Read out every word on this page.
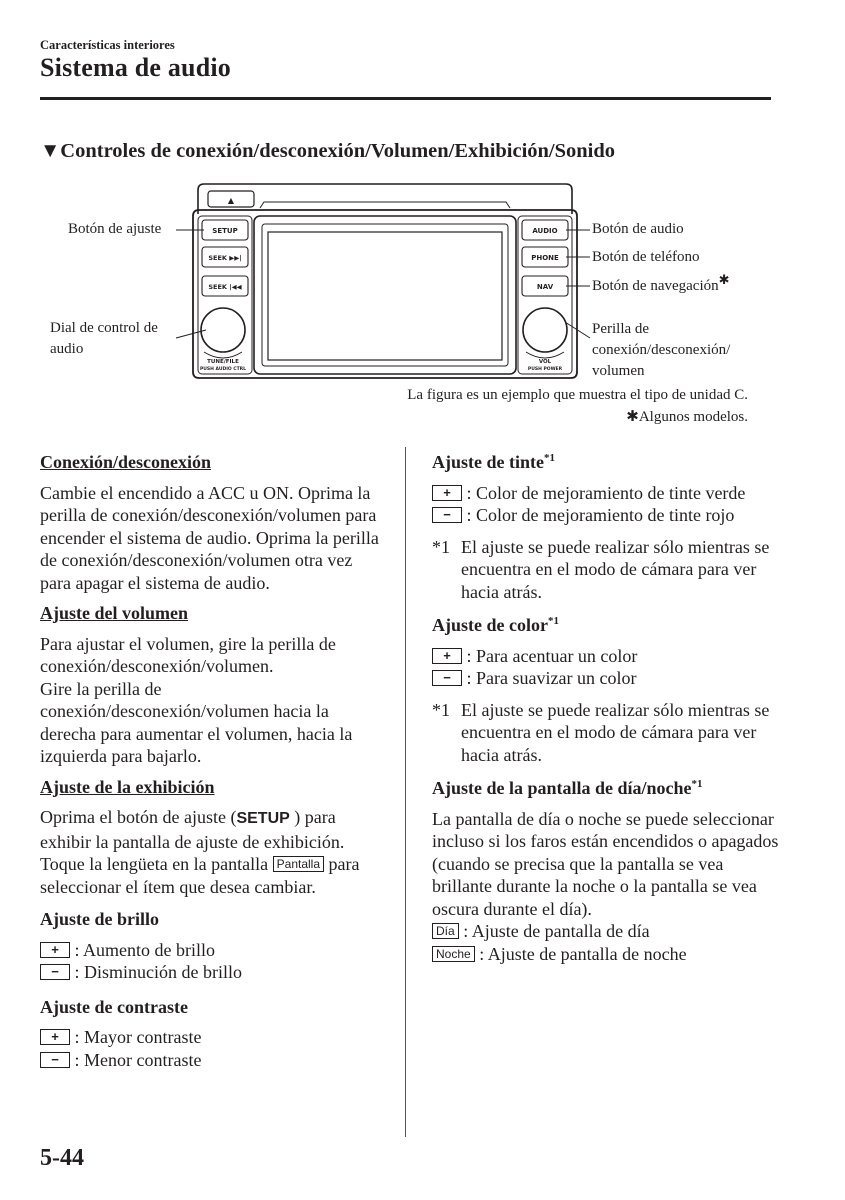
Características interiores
Sistema de audio
▼Controles de conexión/desconexión/Volumen/Exhibición/Sonido
▲
SETUP
SEEK ▶▶|
SEEK |◀◀
TUNE/FILE
PUSH AUDIO CTRL
AUDIO
PHONE
NAV
VOL
PUSH POWER
Botón de ajuste
Dial de control de
audio
Botón de audio
Botón de teléfono
Botón de navegación✱
Perilla de
conexión/desconexión/
volumen
La figura es un ejemplo que muestra el tipo de unidad C.
✱Algunos modelos.
Conexión/desconexión

Cambie el encendido a ACC u ON. Oprima la perilla de conexión/desconexión/volumen para encender el sistema de audio. Oprima la perilla de conexión/desconexión/volumen otra vez para apagar el sistema de audio.

Ajuste del volumen

Para ajustar el volumen, gire la perilla de conexión/desconexión/volumen.

Gire la perilla de conexión/desconexión/volumen hacia la derecha para aumentar el volumen, hacia la izquierda para bajarlo.

Ajuste de la exhibición

Oprima el botón de ajuste (SETUP ) para exhibir la pantalla de ajuste de exhibición. Toque la lengüeta en la pantalla Pantalla para seleccionar el ítem que desea cambiar.

Ajuste de brillo
+ : Aumento de brillo
− : Disminución de brillo
Ajuste de contraste
+ : Mayor contraste
− : Menor contraste
Ajuste de tinte$^{*1}$
+ : Color de mejoramiento de tinte verde
− : Color de mejoramiento de tinte rojo
*1 El ajuste se puede realizar sólo mientras se encuentra en el modo de cámara para ver hacia atrás.
Ajuste de color$^{*1}$
+ : Para acentuar un color
− : Para suavizar un color
*1 El ajuste se puede realizar sólo mientras se encuentra en el modo de cámara para ver hacia atrás.
Ajuste de la pantalla de día/noche$^{*1}$

La pantalla de día o noche se puede seleccionar incluso si los faros están encendidos o apagados (cuando se precisa que la pantalla se vea brillante durante la noche o la pantalla se vea oscura durante el día).

Día : Ajuste de pantalla de día
Noche : Ajuste de pantalla de noche
5-44
